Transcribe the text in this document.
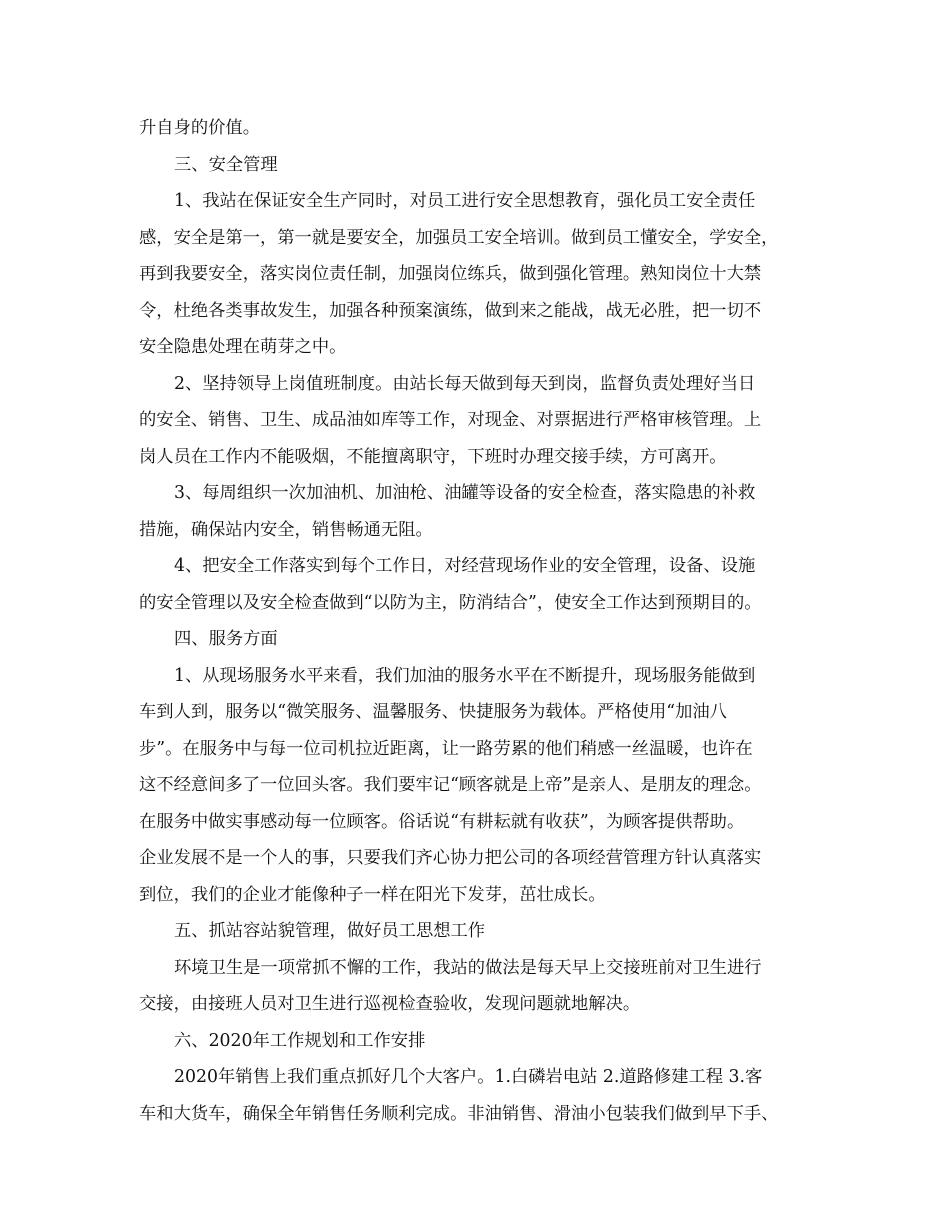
升自身的价值。
三、安全管理
1、我站在保证安全生产同时，对员工进行安全思想教育，强化员工安全责任
感，安全是第一，第一就是要安全，加强员工安全培训。做到员工懂安全，学安全，
再到我要安全，落实岗位责任制，加强岗位练兵，做到强化管理。熟知岗位十大禁
令，杜绝各类事故发生，加强各种预案演练，做到来之能战，战无必胜，把一切不
安全隐患处理在萌芽之中。
2、坚持领导上岗值班制度。由站长每天做到每天到岗，监督负责处理好当日
的安全、销售、卫生、成品油如库等工作，对现金、对票据进行严格审核管理。上
岗人员在工作内不能吸烟，不能擅离职守，下班时办理交接手续，方可离开。
3、每周组织一次加油机、加油枪、油罐等设备的安全检查，落实隐患的补救
措施，确保站内安全，销售畅通无阻。
4、把安全工作落实到每个工作日，对经营现场作业的安全管理，设备、设施
的安全管理以及安全检查做到“以防为主，防消结合”，使安全工作达到预期目的。
四、服务方面
1、从现场服务水平来看，我们加油的服务水平在不断提升，现场服务能做到
车到人到，服务以“微笑服务、温馨服务、快捷服务为载体。严格使用“加油八
步”。在服务中与每一位司机拉近距离，让一路劳累的他们稍感一丝温暖，也许在
这不经意间多了一位回头客。我们要牢记“顾客就是上帝”是亲人、是朋友的理念。
在服务中做实事感动每一位顾客。俗话说“有耕耘就有收获”，为顾客提供帮助。
企业发展不是一个人的事，只要我们齐心协力把公司的各项经营管理方针认真落实
到位，我们的企业才能像种子一样在阳光下发芽，茁壮成长。
五、抓站容站貌管理，做好员工思想工作
环境卫生是一项常抓不懈的工作，我站的做法是每天早上交接班前对卫生进行
交接，由接班人员对卫生进行巡视检查验收，发现问题就地解决。
六、2020年工作规划和工作安排
2020年销售上我们重点抓好几个大客户。1.白磷岩电站 2.道路修建工程 3.客
车和大货车，确保全年销售任务顺利完成。非油销售、滑油小包装我们做到早下手、
